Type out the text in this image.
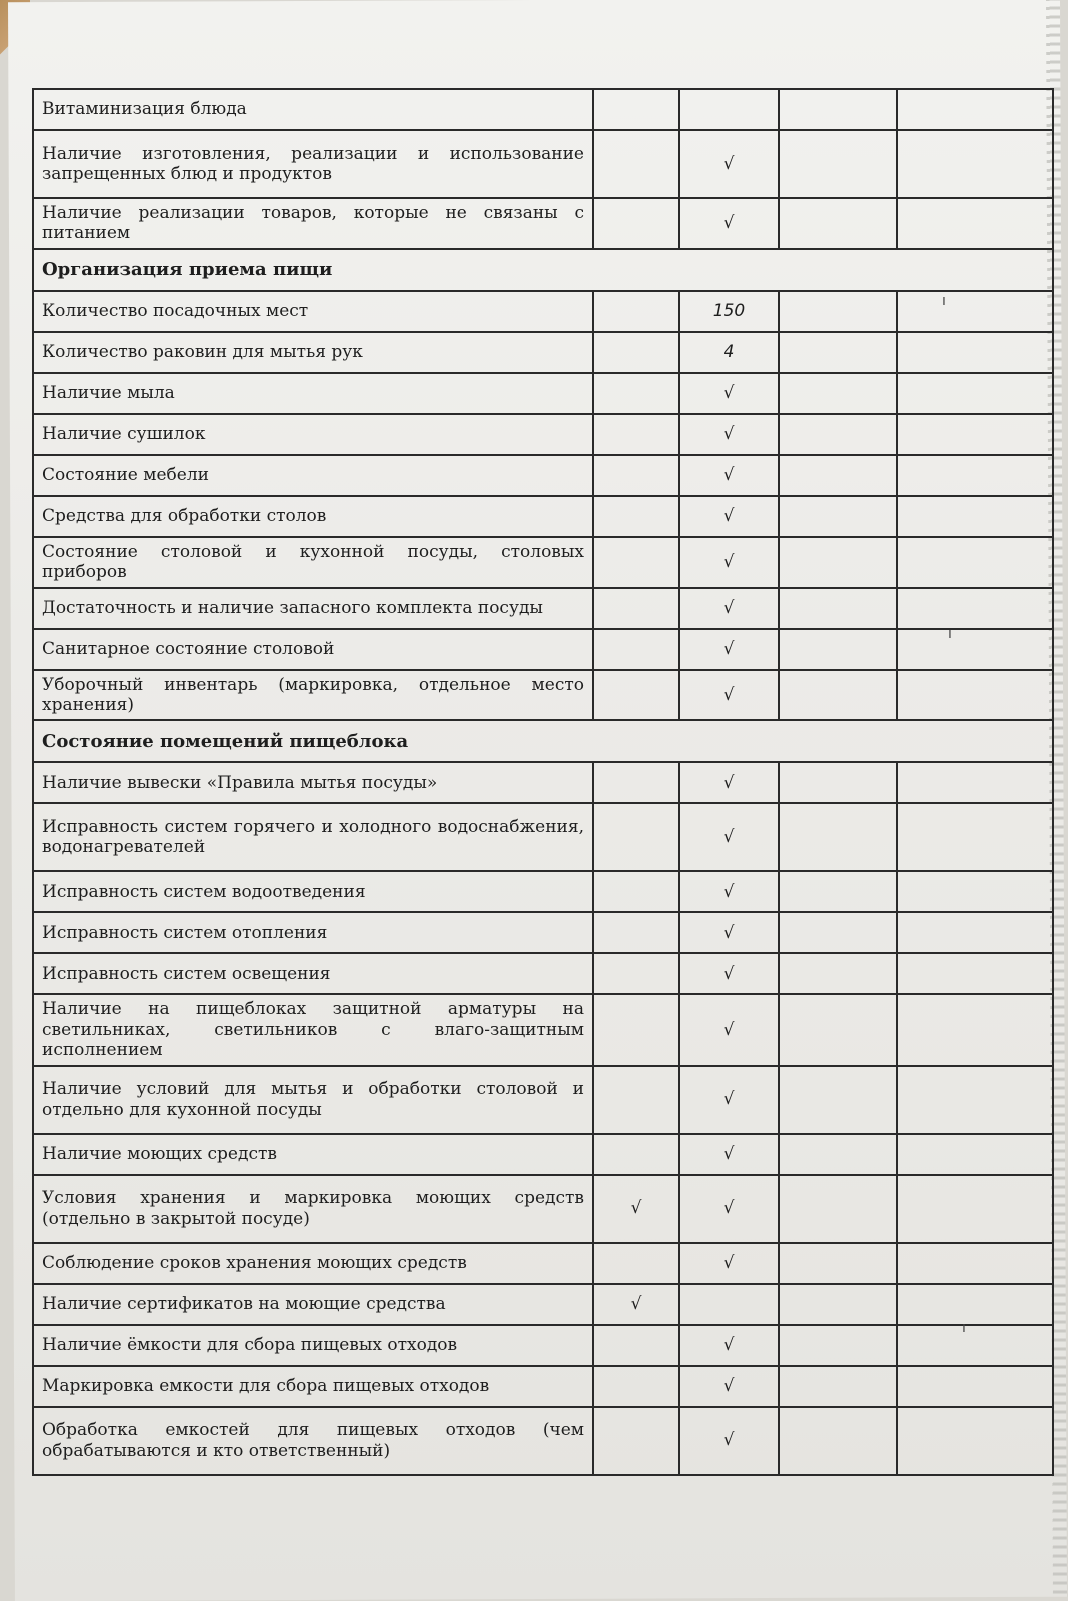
Витаминизация блюда				
Наличие изготовления, реализации и использование запрещенных блюд и продуктов		√		
Наличие реализации товаров, которые не связаны с питанием		√		
Организация приема пищи				
Количество посадочных мест		150		
Количество раковин для мытья рук		4		
Наличие мыла		√		
Наличие сушилок		√		
Состояние мебели		√		
Средства для обработки столов		√		
Состояние столовой и кухонной посуды, столовых приборов		√		
Достаточность и наличие запасного комплекта посуды		√		
Санитарное состояние столовой		√		
Уборочный инвентарь (маркировка, отдельное место хранения)		√		
Состояние помещений пищеблока				
Наличие вывески «Правила мытья посуды»		√		
Исправность систем горячего и холодного водоснабжения, водонагревателей		√		
Исправность систем водоотведения		√		
Исправность систем отопления		√		
Исправность систем освещения		√		
Наличие на пищеблоках защитной арматуры на светильниках, светильников с влаго-защитным исполнением		√		
Наличие условий для мытья и обработки столовой и отдельно для кухонной посуды		√		
Наличие моющих средств		√		
Условия хранения и маркировка моющих средств (отдельно в закрытой посуде)	√	√		
Соблюдение сроков хранения моющих средств		√		
Наличие сертификатов на моющие средства	√			
Наличие ёмкости для сбора пищевых отходов		√		
Маркировка емкости для сбора пищевых отходов		√		
Обработка емкостей для пищевых отходов (чем обрабатываются и кто ответственный)		√		
ı
ı
ı
